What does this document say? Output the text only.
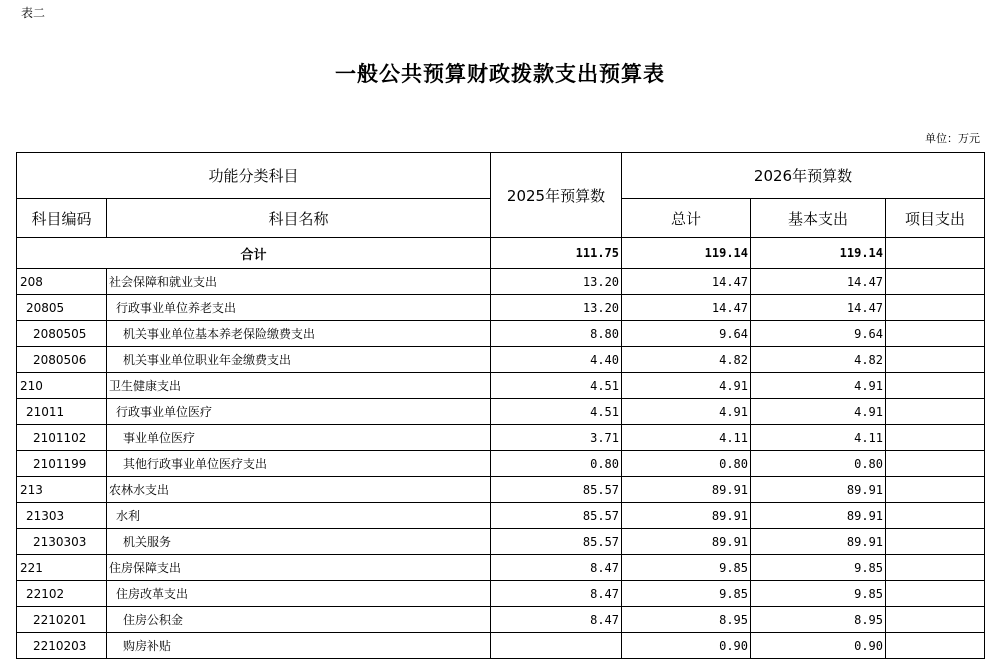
表二
一般公共预算财政拨款支出预算表
单位：万元
功能分类科目		2025年预算数	2026年预算数		
科目编码	科目名称		总计	基本支出	项目支出
合计		111.75	119.14	119.14	
208	社会保障和就业支出	13.20	14.47	14.47	
20805	行政事业单位养老支出	13.20	14.47	14.47	
2080505	机关事业单位基本养老保险缴费支出	8.80	9.64	9.64	
2080506	机关事业单位职业年金缴费支出	4.40	4.82	4.82	
210	卫生健康支出	4.51	4.91	4.91	
21011	行政事业单位医疗	4.51	4.91	4.91	
2101102	事业单位医疗	3.71	4.11	4.11	
2101199	其他行政事业单位医疗支出	0.80	0.80	0.80	
213	农林水支出	85.57	89.91	89.91	
21303	水利	85.57	89.91	89.91	
2130303	机关服务	85.57	89.91	89.91	
221	住房保障支出	8.47	9.85	9.85	
22102	住房改革支出	8.47	9.85	9.85	
2210201	住房公积金	8.47	8.95	8.95	
2210203	购房补贴		0.90	0.90	
